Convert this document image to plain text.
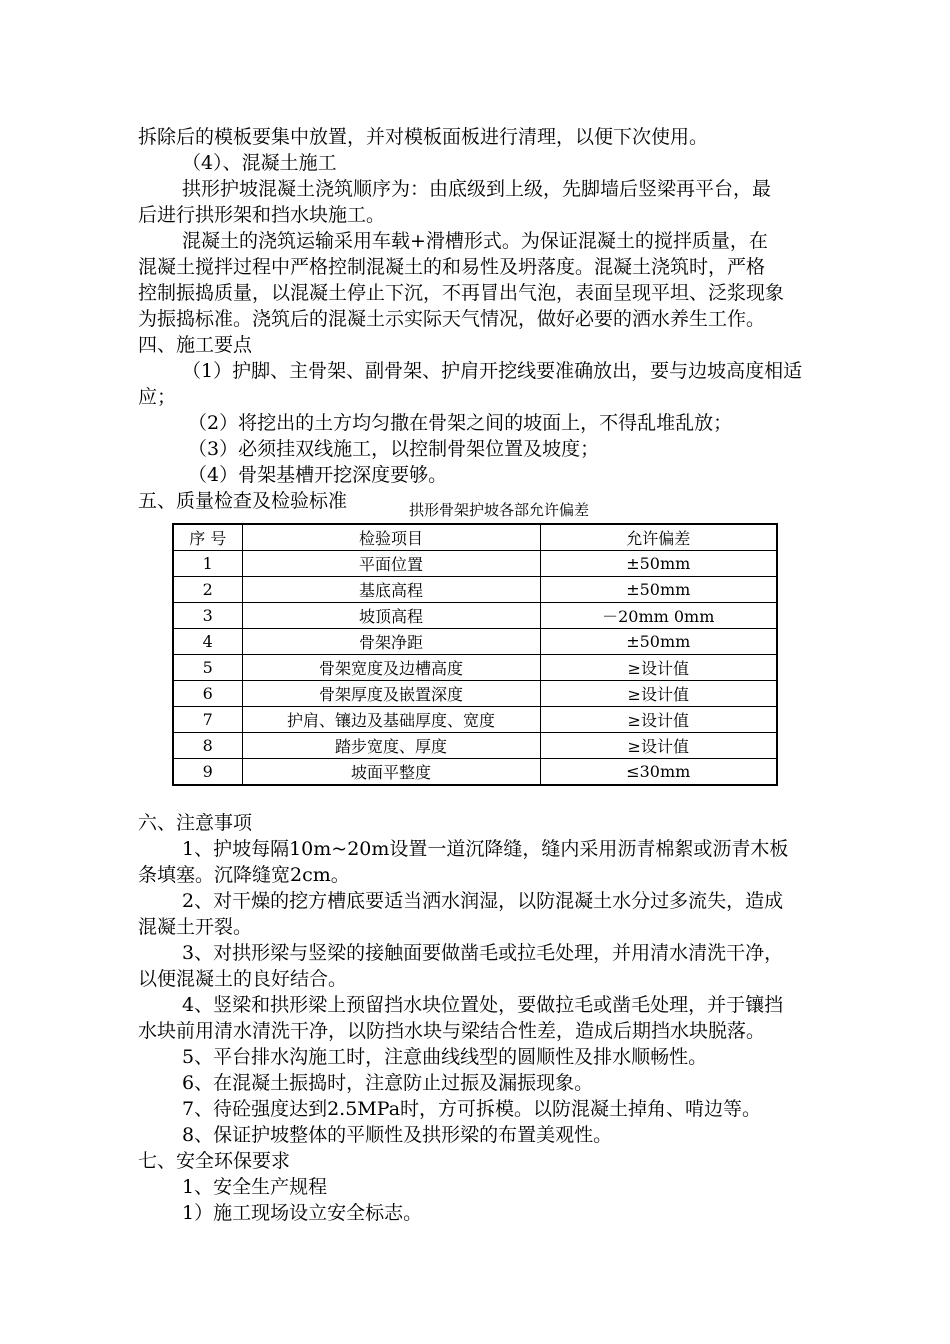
拆除后的模板要集中放置，并对模板面板进行清理，以便下次使用。

（4）、混凝土施工

拱形护坡混凝土浇筑顺序为：由底级到上级，先脚墙后竖梁再平台，最

后进行拱形架和挡水块施工。

混凝土的浇筑运输采用车载+滑槽形式。为保证混凝土的搅拌质量，在

混凝土搅拌过程中严格控制混凝土的和易性及坍落度。混凝土浇筑时，严格

控制振捣质量，以混凝土停止下沉，不再冒出气泡，表面呈现平坦、泛浆现象

为振捣标准。浇筑后的混凝土示实际天气情况，做好必要的洒水养生工作。

四、施工要点

（1）护脚、主骨架、副骨架、护肩开挖线要准确放出，要与边坡高度相适

应；

（2）将挖出的土方均匀撒在骨架之间的坡面上，不得乱堆乱放；

（3）必须挂双线施工，以控制骨架位置及坡度；

（4）骨架基槽开挖深度要够。

五、质量检查及检验标准	拱形骨架护坡各部允许偏差
序 号	检验项目	允许偏差
1	平面位置	±50mm
2	基底高程	±50mm
3	坡顶高程	－20mm 0mm
4	骨架净距	±50mm
5	骨架宽度及边槽高度	≥设计值
6	骨架厚度及嵌置深度	≥设计值
7	护肩、镶边及基础厚度、宽度	≥设计值
8	踏步宽度、厚度	≥设计值
9	坡面平整度	≤30mm

六、注意事项

1、护坡每隔10m~20m设置一道沉降缝，缝内采用沥青棉絮或沥青木板

条填塞。沉降缝宽2cm。

2、对干燥的挖方槽底要适当洒水润湿，以防混凝土水分过多流失，造成

混凝土开裂。

3、对拱形梁与竖梁的接触面要做凿毛或拉毛处理，并用清水清洗干净，

以便混凝土的良好结合。

4、竖梁和拱形梁上预留挡水块位置处，要做拉毛或凿毛处理，并于镶挡

水块前用清水清洗干净，以防挡水块与梁结合性差，造成后期挡水块脱落。

5、平台排水沟施工时，注意曲线线型的圆顺性及排水顺畅性。

6、在混凝土振捣时，注意防止过振及漏振现象。

7、待砼强度达到2.5MPa时，方可拆模。以防混凝土掉角、啃边等。

8、保证护坡整体的平顺性及拱形梁的布置美观性。

七、安全环保要求

1、安全生产规程

1）施工现场设立安全标志。
